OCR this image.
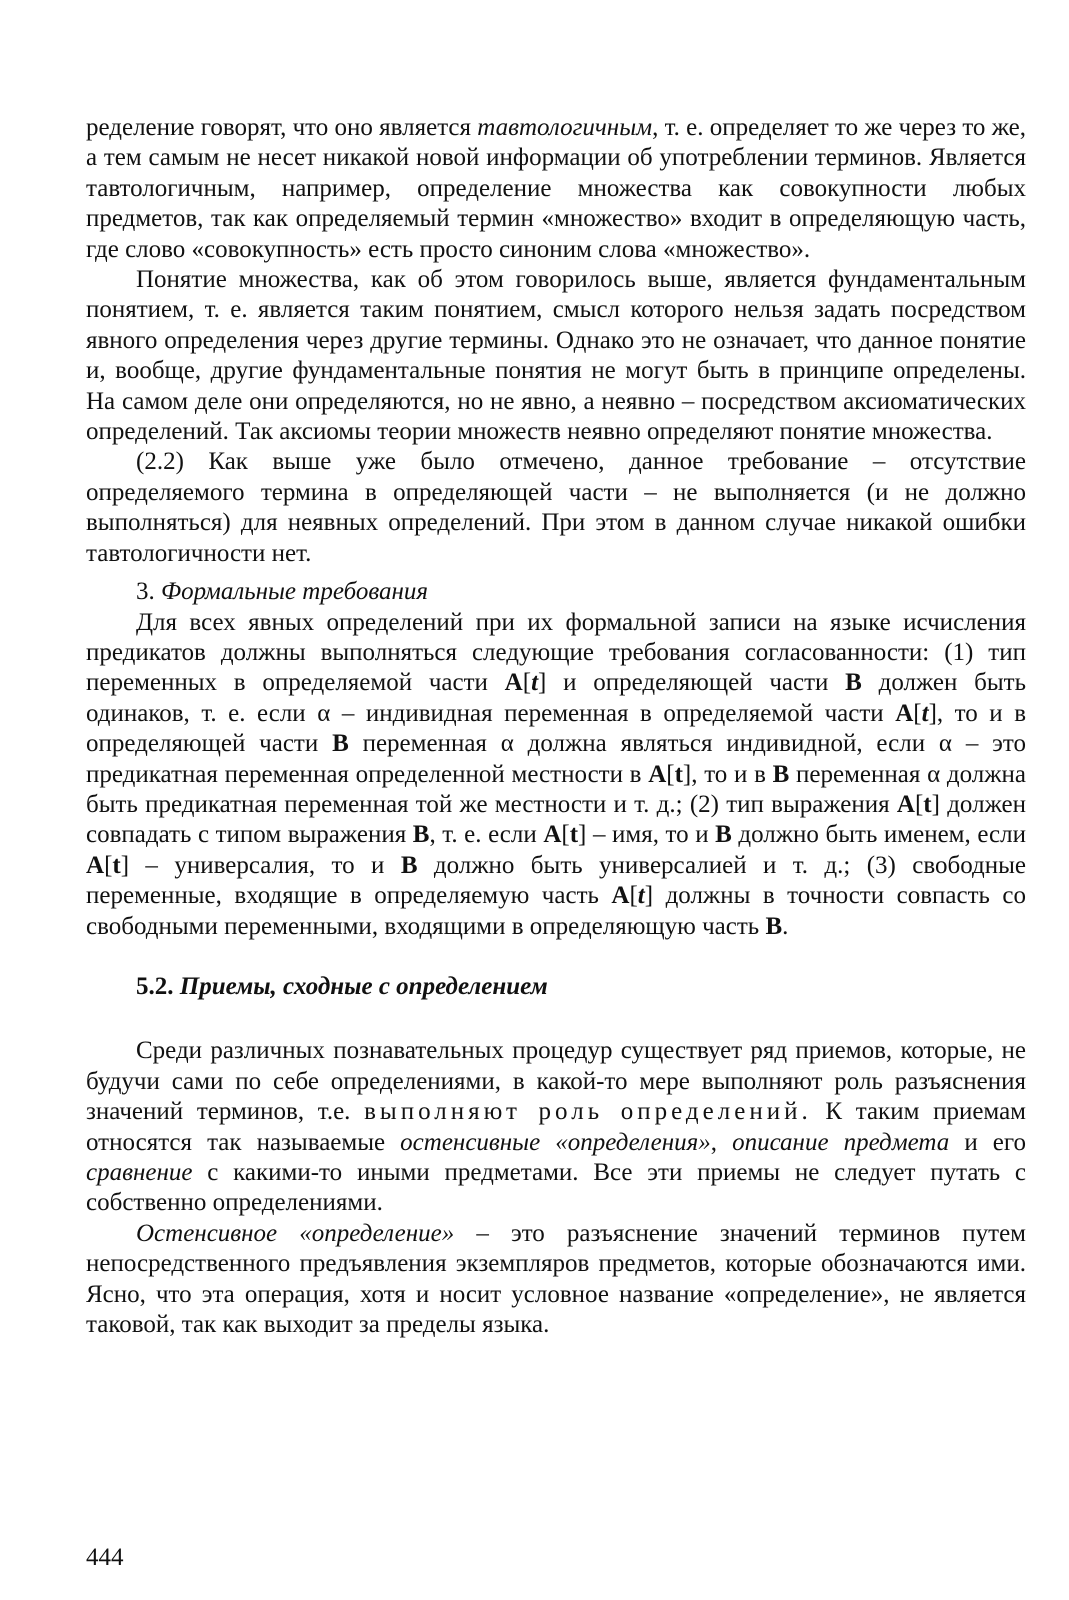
ределение говорят, что оно является тавтологичным, т. е. определяет то же через то же, а тем самым не несет никакой новой информации об употреблении терминов. Является тавтологичным, например, определение множества как совокупности любых предметов, так как определяемый термин «множество» входит в определяющую часть, где слово «совокупность» есть просто синоним слова «множество».

Понятие множества, как об этом говорилось выше, является фундаментальным понятием, т. е. является таким понятием, смысл которого нельзя задать посредством явного определения через другие термины. Однако это не означает, что данное понятие и, вообще, другие фундаментальные понятия не могут быть в принципе определены. На самом деле они определяются, но не явно, а неявно – посредством аксиоматических определений. Так аксиомы теории множеств неявно определяют понятие множества.

(2.2) Как выше уже было отмечено, данное требование – отсутствие определяемого термина в определяющей части – не выполняется (и не должно выполняться) для неявных определений. При этом в данном случае никакой ошибки тавтологичности нет.

3. Формальные требования

Для всех явных определений при их формальной записи на языке исчисления предикатов должны выполняться следующие требования согласованности: (1) тип переменных в определяемой части A[t] и определяющей части B должен быть одинаков, т. е. если α – индивидная переменная в определяемой части A[t], то и в определяющей части B переменная α должна являться индивидной, если α – это предикатная переменная определенной местности в A[t], то и в B переменная α должна быть предикатная переменная той же местности и т. д.; (2) тип выражения A[t] должен совпадать с типом выражения B, т. е. если A[t] – имя, то и B должно быть именем, если A[t] – универсалия, то и B должно быть универсалией и т. д.; (3) свободные переменные, входящие в определяемую часть A[t] должны в точности совпасть со свободными переменными, входящими в определяющую часть B.

5.2. Приемы, сходные с определением

Среди различных познавательных процедур существует ряд приемов, которые, не будучи сами по себе определениями, в какой-то мере выполняют роль разъяснения значений терминов, т.е. выполняют роль определений. К таким приемам относятся так называемые остенсивные «определения», описание предмета и его сравнение с какими-то иными предметами. Все эти приемы не следует путать с собственно определениями.

Остенсивное «определение» – это разъяснение значений терминов путем непосредственного предъявления экземпляров предметов, которые обозначаются ими. Ясно, что эта операция, хотя и носит условное название «определение», не является таковой, так как выходит за пределы языка.

444
